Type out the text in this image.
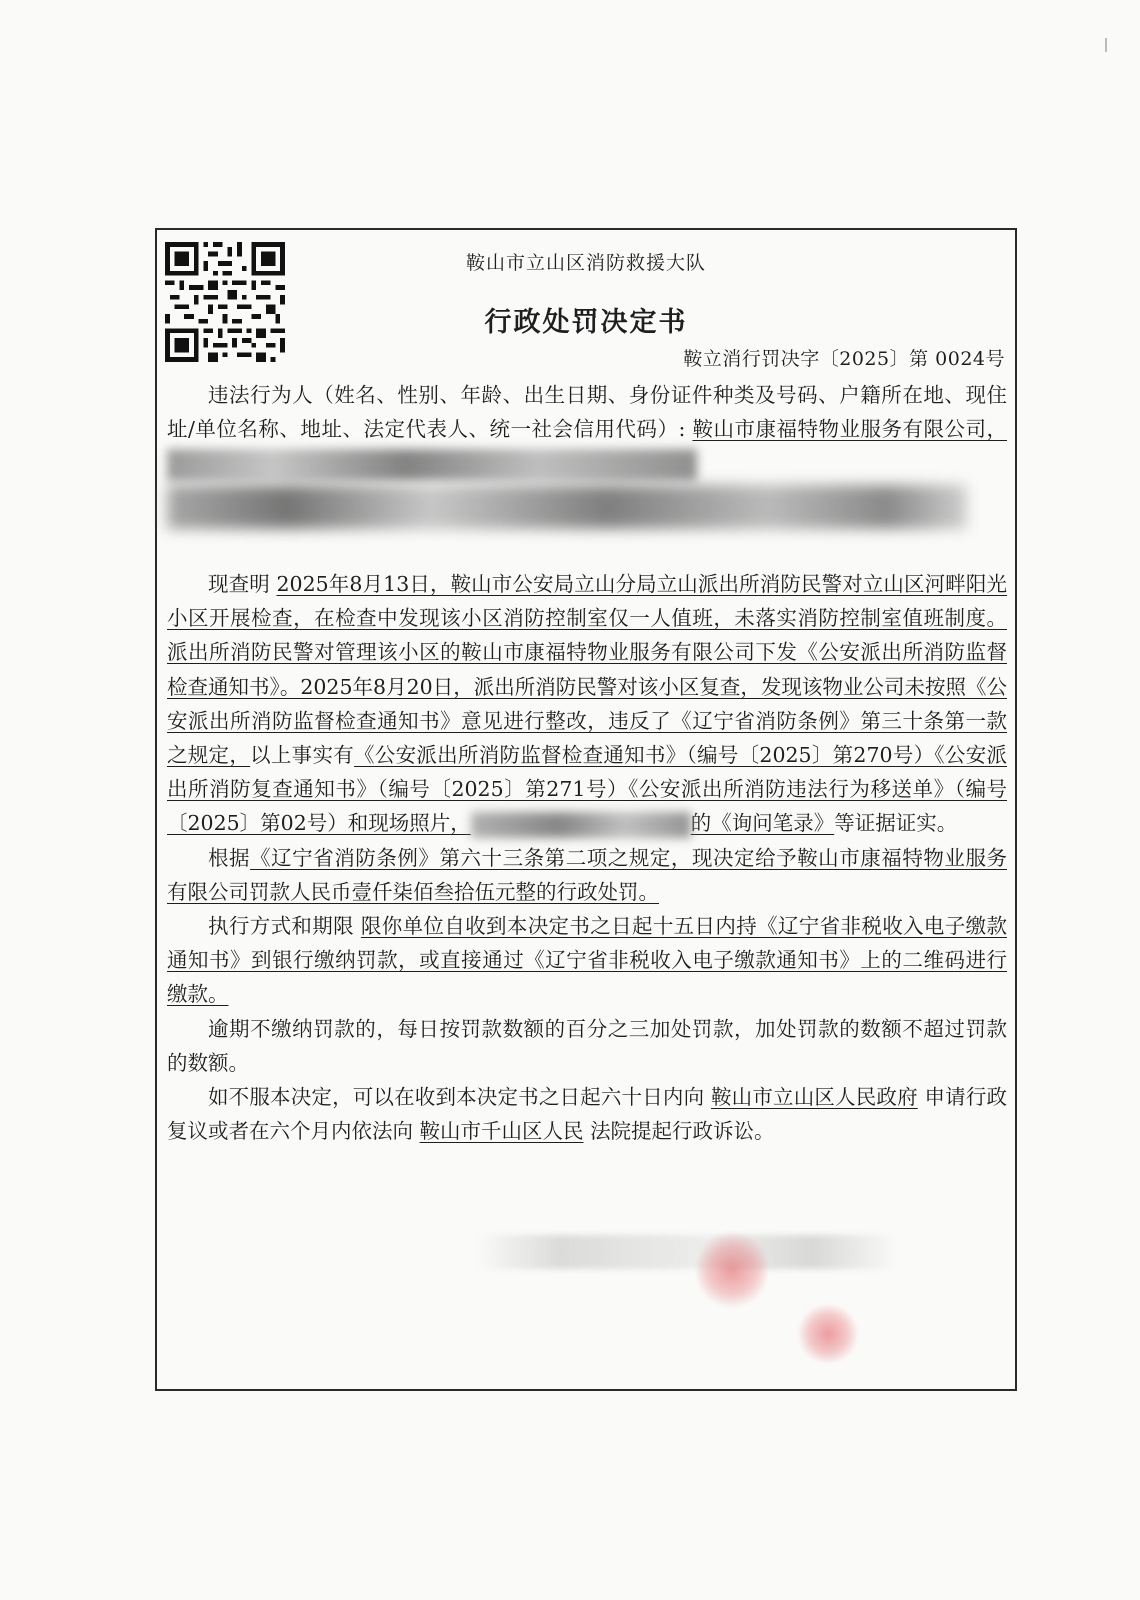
鞍山市立山区消防救援大队
行政处罚决定书
鞍立消行罚决字〔2025〕第 0024号

违法行为人（姓名、性别、年龄、出生日期、身份证件种类及号码、户籍所在地、现住址/单位名称、地址、法定代表人、统一社会信用代码）: 鞍山市康福特物业服务有限公司，

现查明 2025年8月13日，鞍山市公安局立山分局立山派出所消防民警对立山区河畔阳光小区开展检查，在检查中发现该小区消防控制室仅一人值班，未落实消防控制室值班制度。派出所消防民警对管理该小区的鞍山市康福特物业服务有限公司下发《公安派出所消防监督检查通知书》。2025年8月20日，派出所消防民警对该小区复查，发现该物业公司未按照《公安派出所消防监督检查通知书》意见进行整改，违反了《辽宁省消防条例》第三十条第一款之规定，以上事实有《公安派出所消防监督检查通知书》（编号〔2025〕第270号）《公安派出所消防复查通知书》（编号〔2025〕第271号）《公安派出所消防违法行为移送单》（编号〔2025〕第02号）和现场照片，	的《询问笔录》等证据证实。

根据《辽宁省消防条例》第六十三条第二项之规定，现决定给予鞍山市康福特物业服务有限公司罚款人民币壹仟柒佰叁拾伍元整的行政处罚。

执行方式和期限 限你单位自收到本决定书之日起十五日内持《辽宁省非税收入电子缴款通知书》到银行缴纳罚款，或直接通过《辽宁省非税收入电子缴款通知书》上的二维码进行缴款。

逾期不缴纳罚款的，每日按罚款数额的百分之三加处罚款，加处罚款的数额不超过罚款的数额。

如不服本决定，可以在收到本决定书之日起六十日内向 鞍山市立山区人民政府 申请行政复议或者在六个月内依法向 鞍山市千山区人民 法院提起行政诉讼。
